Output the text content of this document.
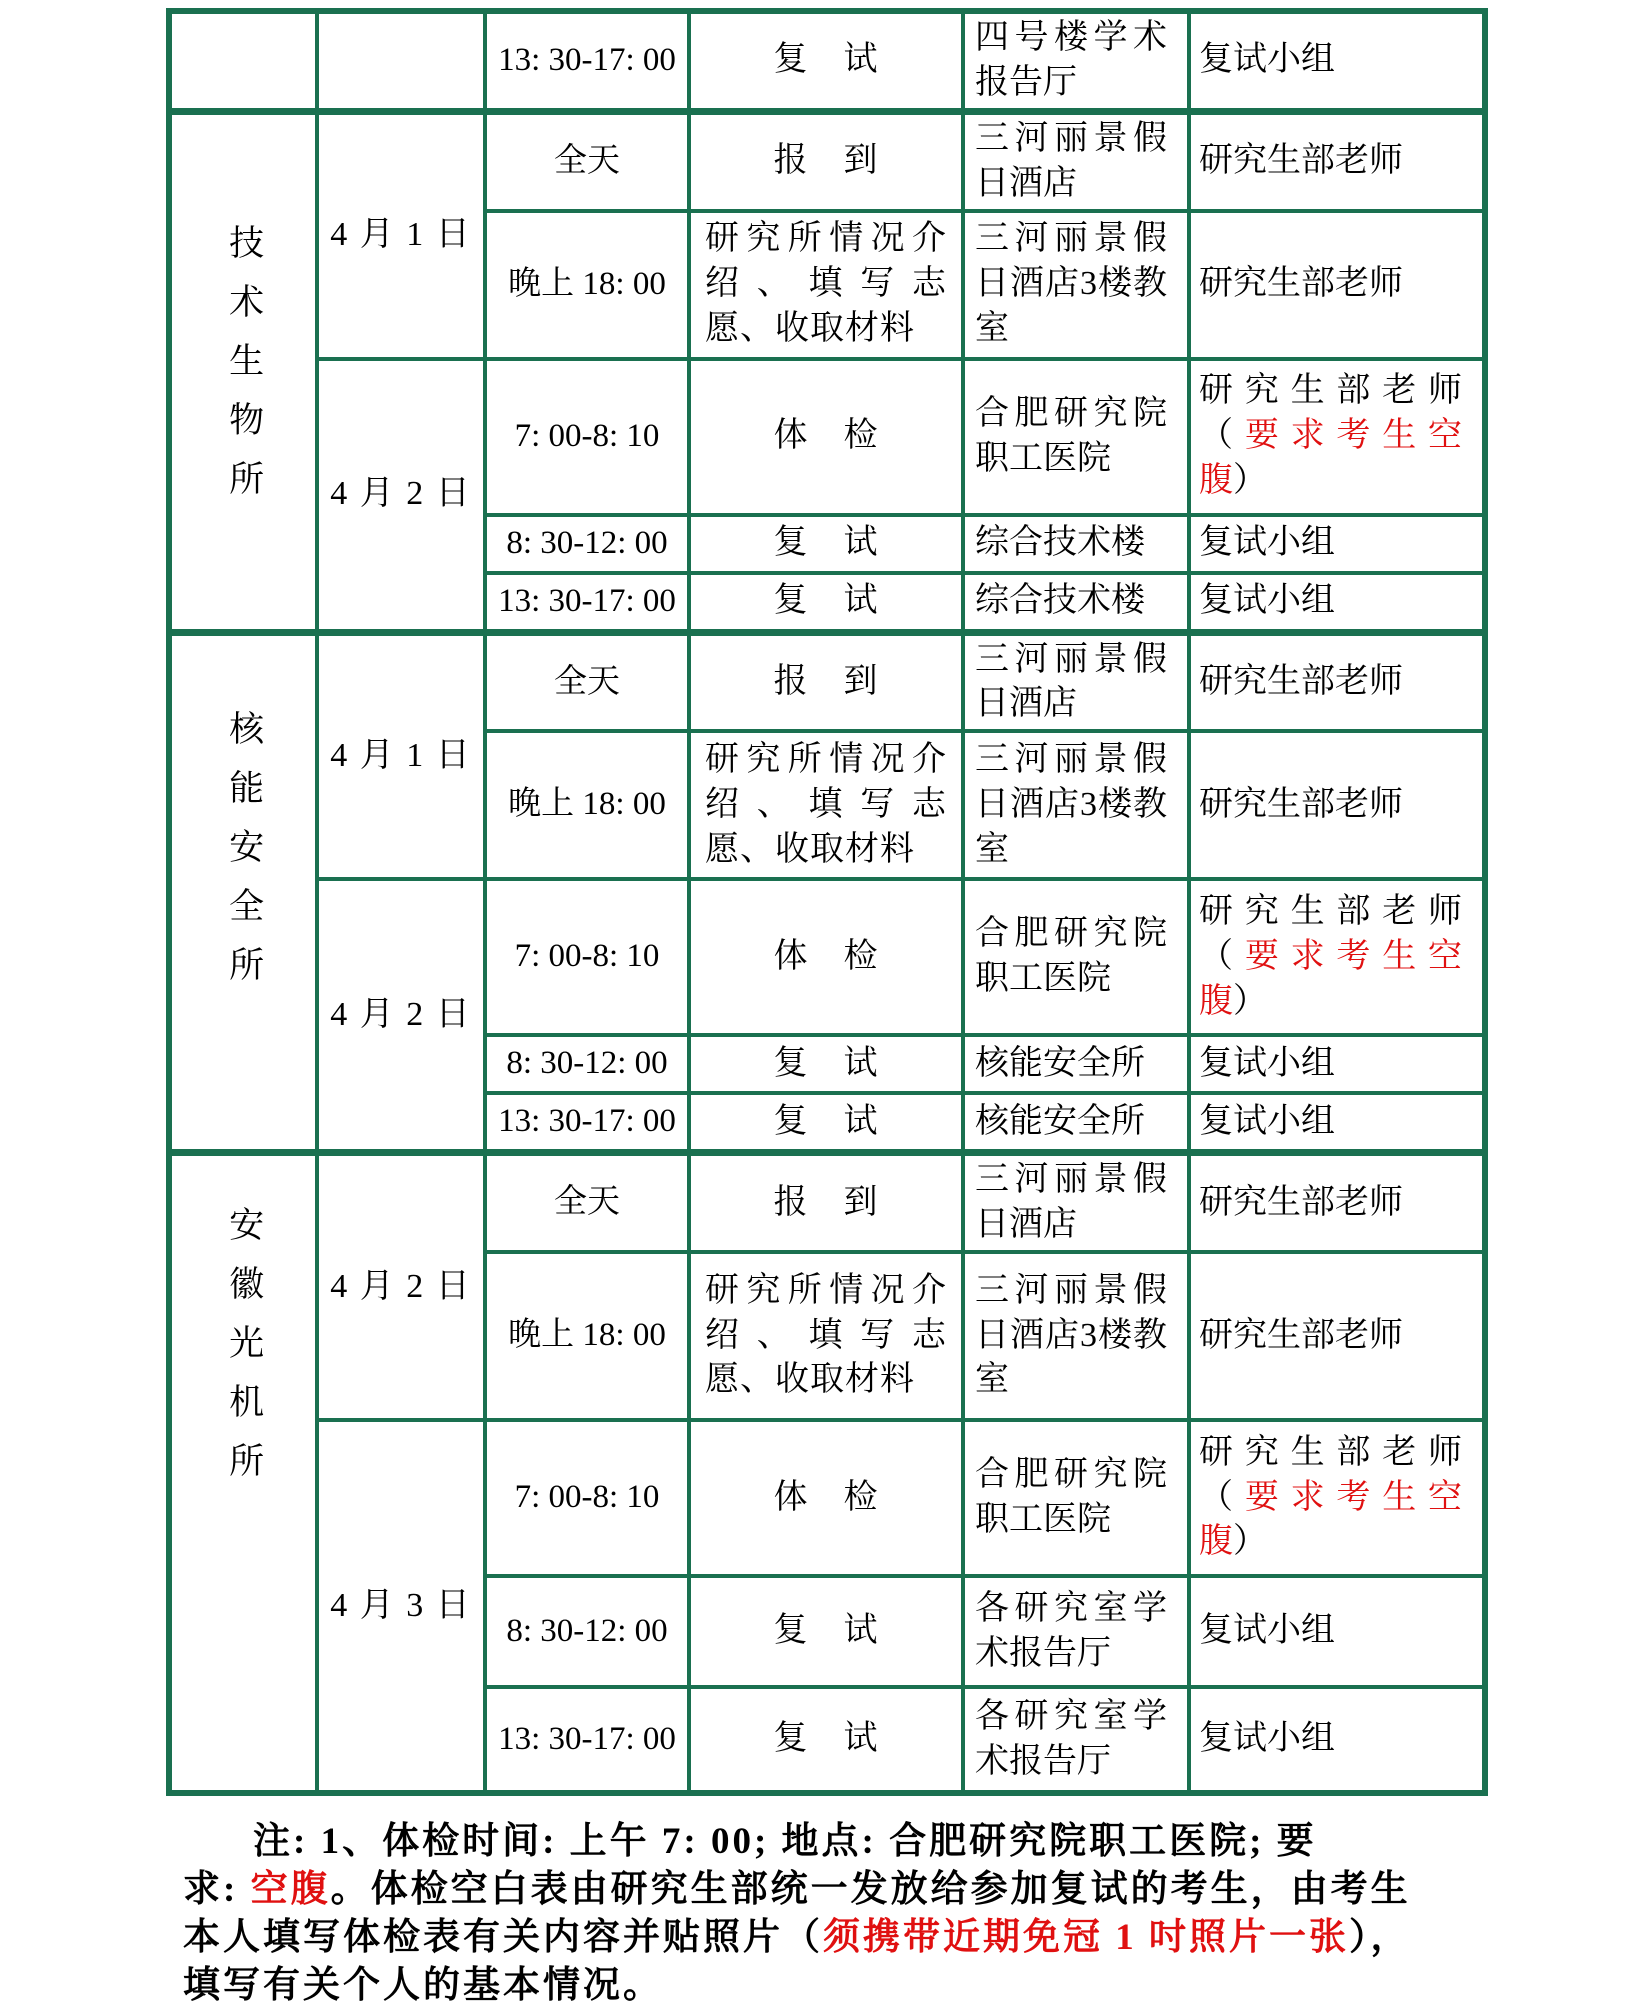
		13: 30-17: 00	复　试	四号楼学术报告厅	复试小组

技术生物所	4 月 1 日	全天	报　到	三河丽景假日酒店	研究生部老师
		晚上 18: 00	研究所情况介绍、填写志愿、收取材料	三河丽景假日酒店3楼教室	研究生部老师
	4 月 2 日	7: 00-8: 10	体　检	合肥研究院职工医院	研究生部老师（要求考生空腹）
		8: 30-12: 00	复　试	综合技术楼	复试小组
		13: 30-17: 00	复　试	综合技术楼	复试小组

核能安全所	4 月 1 日	全天	报　到	三河丽景假日酒店	研究生部老师
		晚上 18: 00	研究所情况介绍、填写志愿、收取材料	三河丽景假日酒店3楼教室	研究生部老师
	4 月 2 日	7: 00-8: 10	体　检	合肥研究院职工医院	研究生部老师（要求考生空腹）
		8: 30-12: 00	复　试	核能安全所	复试小组
		13: 30-17: 00	复　试	核能安全所	复试小组

安徽光机所	4 月 2 日	全天	报　到	三河丽景假日酒店	研究生部老师
		晚上 18: 00	研究所情况介绍、填写志愿、收取材料	三河丽景假日酒店3楼教室	研究生部老师
	4 月 3 日	7: 00-8: 10	体　检	合肥研究院职工医院	研究生部老师（要求考生空腹）
		8: 30-12: 00	复　试	各研究室学术报告厅	复试小组
		13: 30-17: 00	复　试	各研究室学术报告厅	复试小组
注: 1、体检时间: 上午 7: 00; 地点: 合肥研究院职工医院; 要
求: 空腹。体检空白表由研究生部统一发放给参加复试的考生，由考生
本人填写体检表有关内容并贴照片（须携带近期免冠 1 吋照片一张），
填写有关个人的基本情况。
